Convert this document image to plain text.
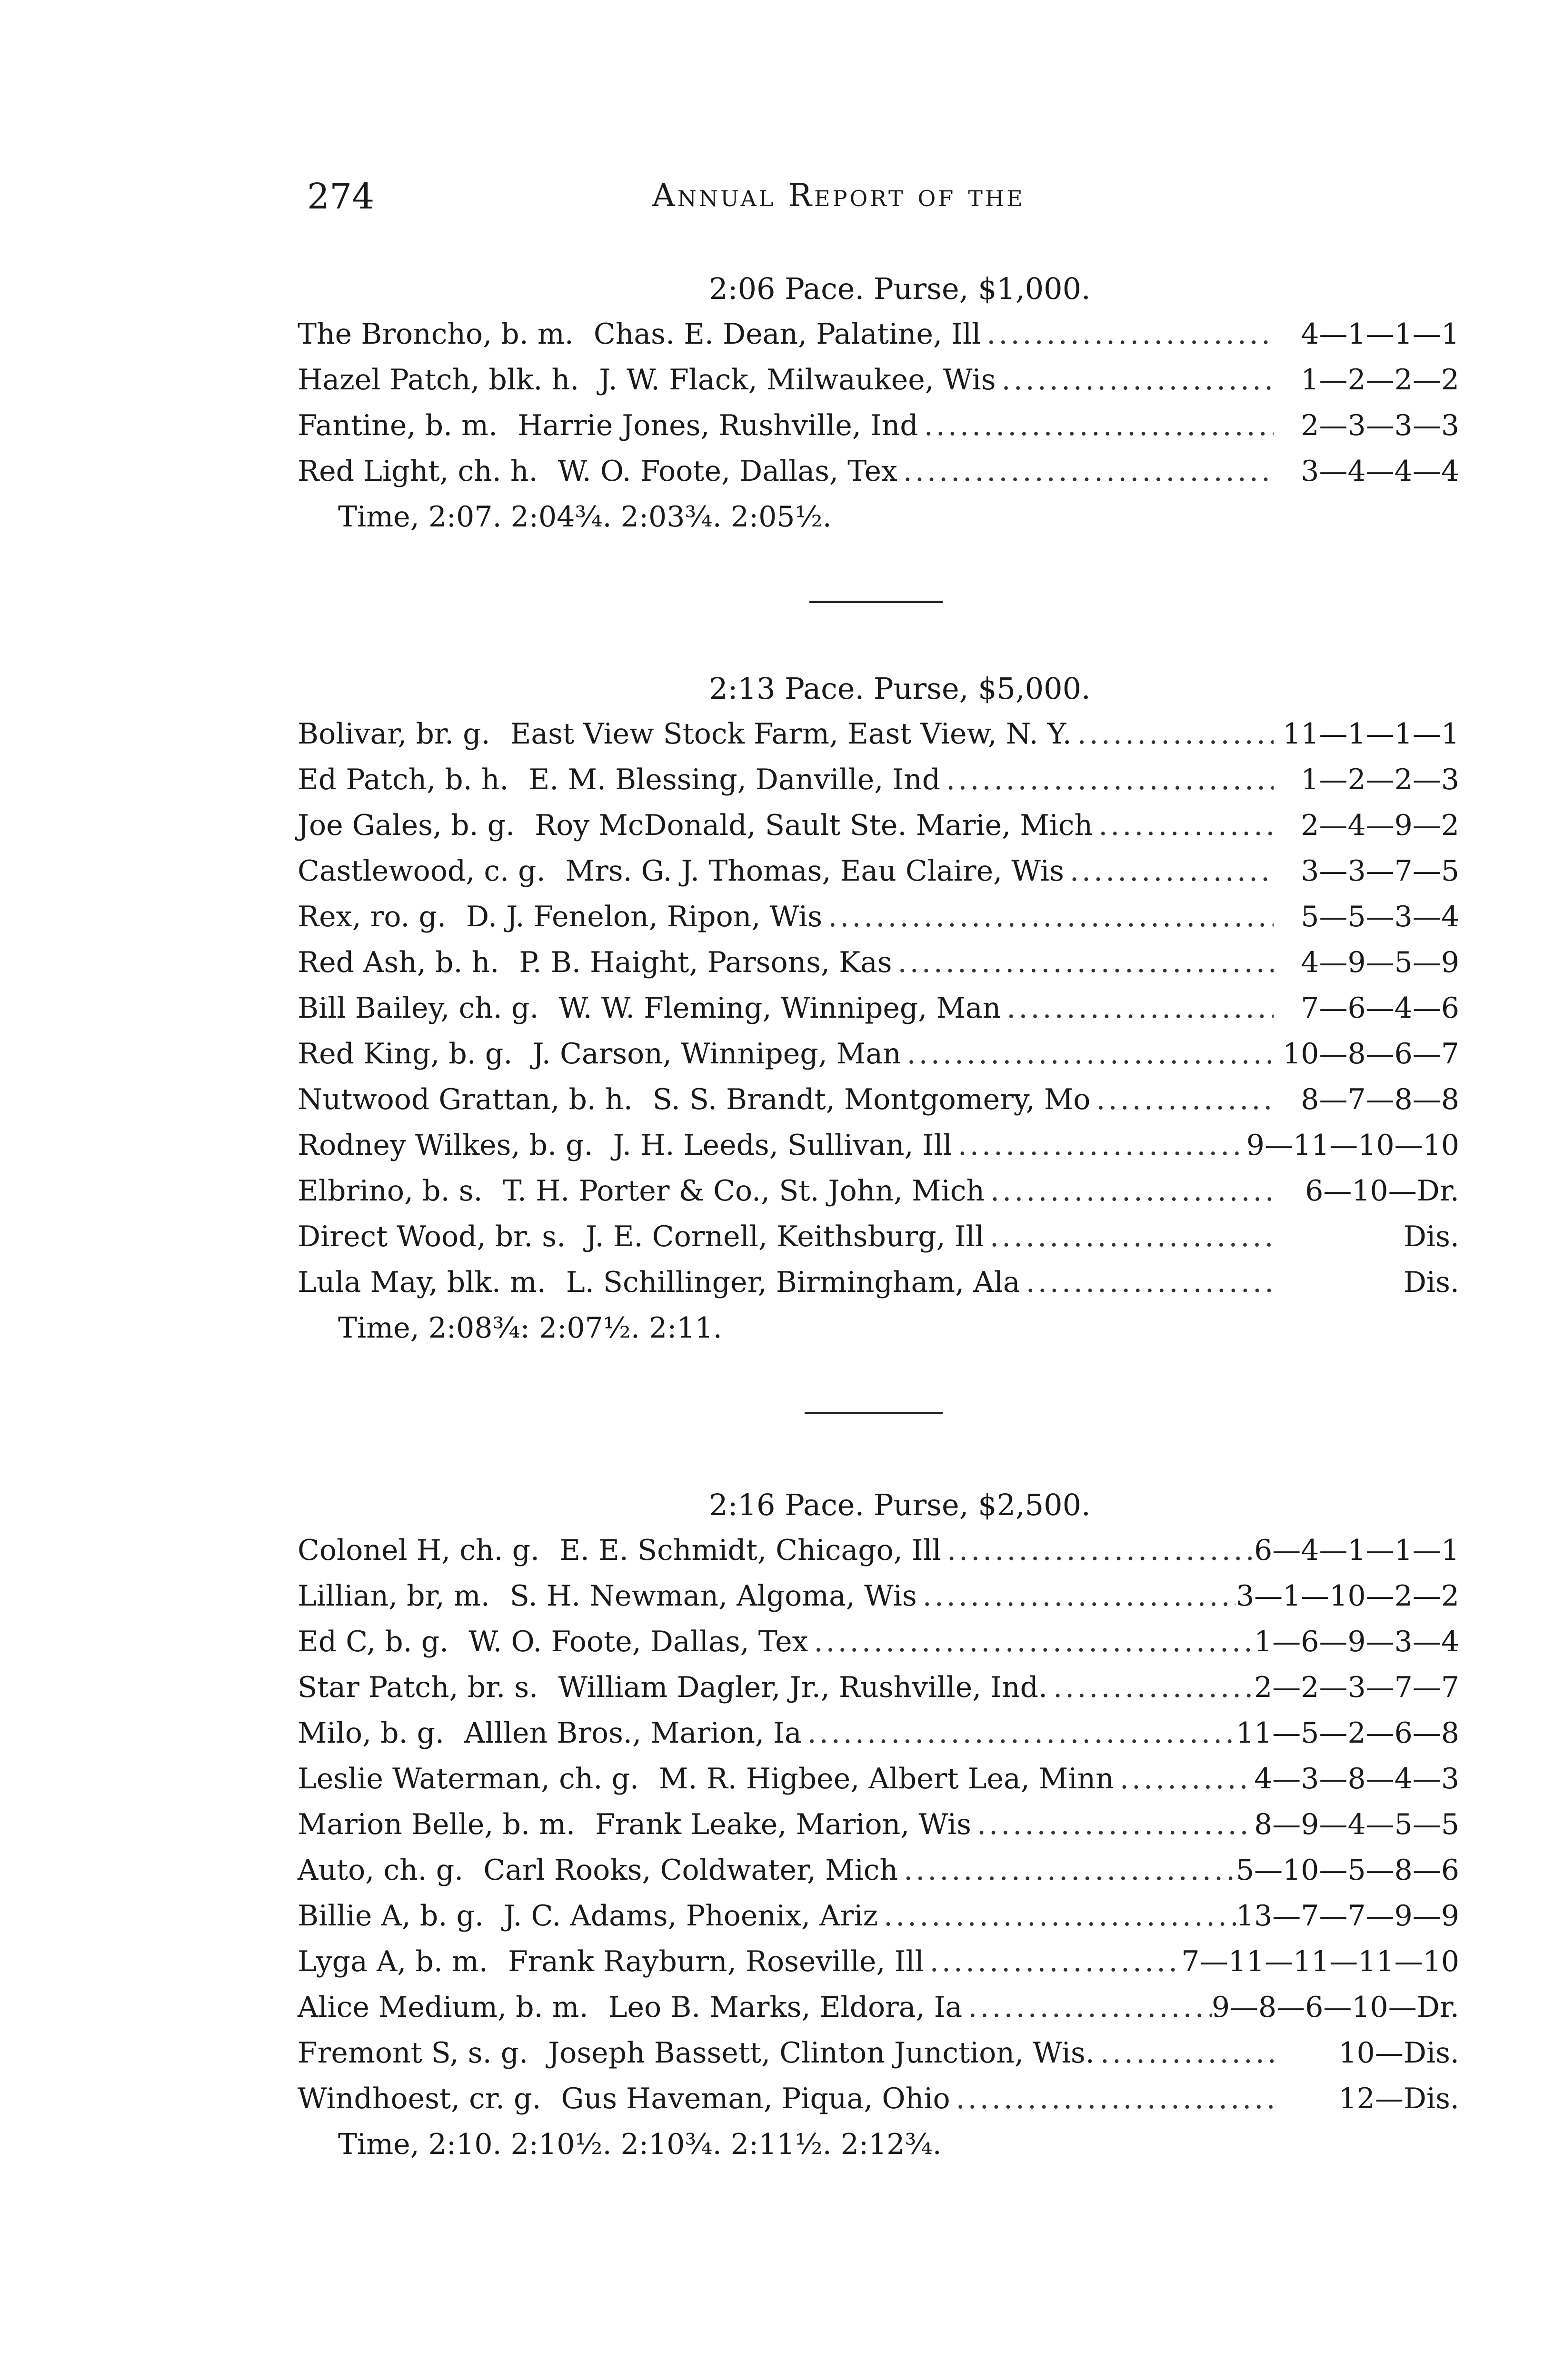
274	Annual Report of the
2:06 Pace. Purse, $1,000.
The Broncho, b. m. Chas. E. Dean, Palatine, Ill .....	4—1—1—1
Hazel Patch, blk. h. J. W. Flack, Milwaukee, Wis .....	1—2—2—2
Fantine, b. m. Harrie Jones, Rushville, Ind .....	2—3—3—3
Red Light, ch. h. W. O. Foote, Dallas, Tex .....	3—4—4—4
Time, 2:07. 2:04¾. 2:03¾. 2:05½.
2:13 Pace. Purse, $5,000.
Bolivar, br. g. East View Stock Farm, East View, N. Y. .....	11—1—1—1
Ed Patch, b. h. E. M. Blessing, Danville, Ind .....	1—2—2—3
Joe Gales, b. g. Roy McDonald, Sault Ste. Marie, Mich .....	2—4—9—2
Castlewood, c. g. Mrs. G. J. Thomas, Eau Claire, Wis .....	3—3—7—5
Rex, ro. g. D. J. Fenelon, Ripon, Wis .....	5—5—3—4
Red Ash, b. h. P. B. Haight, Parsons, Kas .....	4—9—5—9
Bill Bailey, ch. g. W. W. Fleming, Winnipeg, Man .....	7—6—4—6
Red King, b. g. J. Carson, Winnipeg, Man .....	10—8—6—7
Nutwood Grattan, b. h. S. S. Brandt, Montgomery, Mo .....	8—7—8—8
Rodney Wilkes, b. g. J. H. Leeds, Sullivan, Ill .....	9—11—10—10
Elbrino, b. s. T. H. Porter & Co., St. John, Mich .....	6—10—Dr.
Direct Wood, br. s. J. E. Cornell, Keithsburg, Ill .....	Dis.
Lula May, blk. m. L. Schillinger, Birmingham, Ala .....	Dis.
Time, 2:08¾: 2:07½. 2:11.
2:16 Pace. Purse, $2,500.
Colonel H, ch. g. E. E. Schmidt, Chicago, Ill .....	6—4—1—1—1
Lillian, br, m. S. H. Newman, Algoma, Wis .....	3—1—10—2—2
Ed C, b. g. W. O. Foote, Dallas, Tex .....	1—6—9—3—4
Star Patch, br. s. William Dagler, Jr., Rushville, Ind. .....	2—2—3—7—7
Milo, b. g. Alllen Bros., Marion, Ia .....	11—5—2—6—8
Leslie Waterman, ch. g. M. R. Higbee, Albert Lea, Minn .....	4—3—8—4—3
Marion Belle, b. m. Frank Leake, Marion, Wis .....	8—9—4—5—5
Auto, ch. g. Carl Rooks, Coldwater, Mich .....	5—10—5—8—6
Billie A, b. g. J. C. Adams, Phoenix, Ariz .....	13—7—7—9—9
Lyga A, b. m. Frank Rayburn, Roseville, Ill .....	7—11—11—11—10
Alice Medium, b. m. Leo B. Marks, Eldora, Ia .....	9—8—6—10—Dr.
Fremont S, s. g. Joseph Bassett, Clinton Junction, Wis. .....	10—Dis.
Windhoest, cr. g. Gus Haveman, Piqua, Ohio .....	12—Dis.
Time, 2:10. 2:10½. 2:10¾. 2:11½. 2:12¾.
